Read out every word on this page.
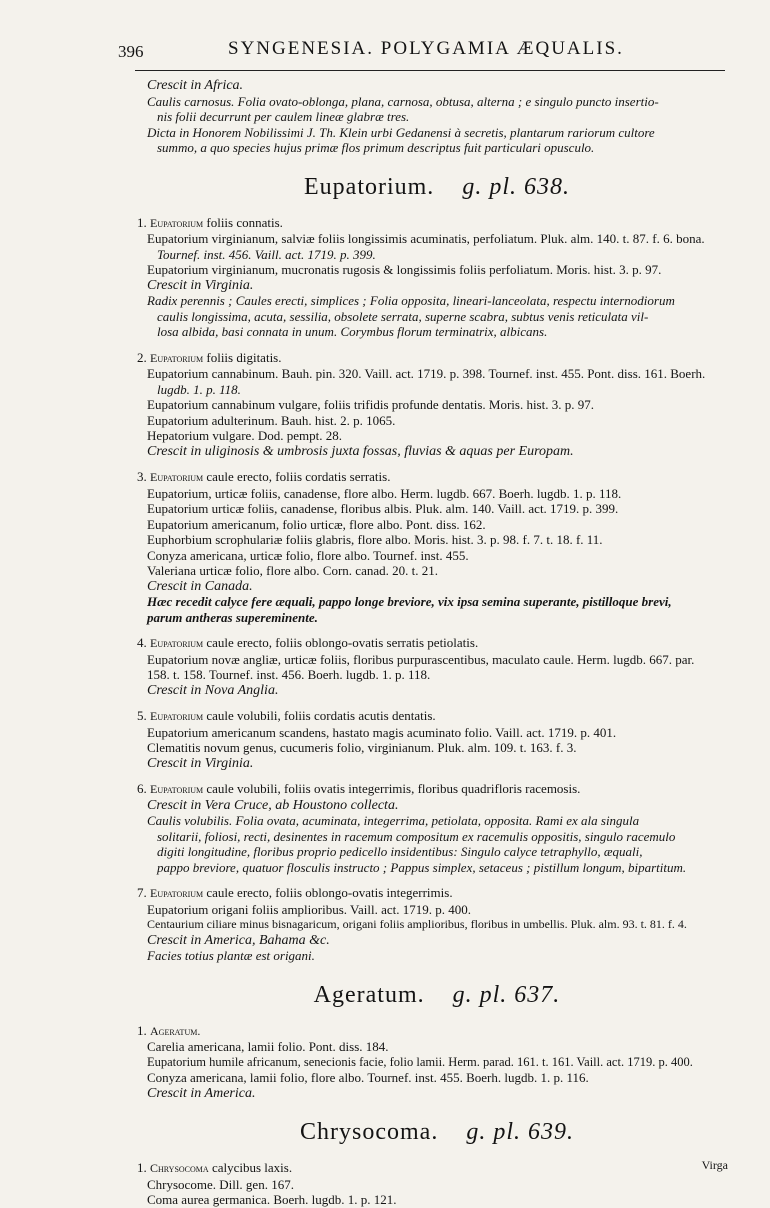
396	SYNGENESIA. POLYGAMIA ÆQUALIS.

Crescit in Africa.

Caulis carnosus. Folia ovato-oblonga, plana, carnosa, obtusa, alterna ; e singulo puncto insertio-

nis folii decurrunt per caulem lineæ glabræ tres.

Dicta in Honorem Nobilissimi J. Th. Klein urbi Gedanensi à secretis, plantarum rariorum cultore

summo, a quo species hujus primæ flos primum descriptus fuit particulari opusculo.

Eupatorium. g. pl. 638.

1. Eupatorium foliis connatis.

Eupatorium virginianum, salviæ foliis longissimis acuminatis, perfoliatum. Pluk. alm. 140. t. 87. f. 6. bona.

Tournef. inst. 456. Vaill. act. 1719. p. 399.

Eupatorium virginianum, mucronatis rugosis & longissimis foliis perfoliatum. Moris. hist. 3. p. 97.

Crescit in Virginia.

Radix perennis ; Caules erecti, simplices ; Folia opposita, lineari-lanceolata, respectu internodiorum

caulis longissima, acuta, sessilia, obsolete serrata, superne scabra, subtus venis reticulata vil-

losa albida, basi connata in unum. Corymbus florum terminatrix, albicans.

2. Eupatorium foliis digitatis.

Eupatorium cannabinum. Bauh. pin. 320. Vaill. act. 1719. p. 398. Tournef. inst. 455. Pont. diss. 161. Boerh.

lugdb. 1. p. 118.

Eupatorium cannabinum vulgare, foliis trifidis profunde dentatis. Moris. hist. 3. p. 97.

Eupatorium adulterinum. Bauh. hist. 2. p. 1065.

Hepatorium vulgare. Dod. pempt. 28.

Crescit in uliginosis & umbrosis juxta fossas, fluvias & aquas per Europam.

3. Eupatorium caule erecto, foliis cordatis serratis.

Eupatorium, urticæ foliis, canadense, flore albo. Herm. lugdb. 667. Boerh. lugdb. 1. p. 118.

Eupatorium urticæ foliis, canadense, floribus albis. Pluk. alm. 140. Vaill. act. 1719. p. 399.

Eupatorium americanum, folio urticæ, flore albo. Pont. diss. 162.

Euphorbium scrophulariæ foliis glabris, flore albo. Moris. hist. 3. p. 98. f. 7. t. 18. f. 11.

Conyza americana, urticæ folio, flore albo. Tournef. inst. 455.

Valeriana urticæ folio, flore albo. Corn. canad. 20. t. 21.

Crescit in Canada.

Hæc recedit calyce fere æquali, pappo longe breviore, vix ipsa semina superante, pistilloque brevi,

parum antheras supereminente.

4. Eupatorium caule erecto, foliis oblongo-ovatis serratis petiolatis.

Eupatorium novæ angliæ, urticæ foliis, floribus purpurascentibus, maculato caule. Herm. lugdb. 667. par.

158. t. 158. Tournef. inst. 456. Boerh. lugdb. 1. p. 118.

Crescit in Nova Anglia.

5. Eupatorium caule volubili, foliis cordatis acutis dentatis.

Eupatorium americanum scandens, hastato magis acuminato folio. Vaill. act. 1719. p. 401.

Clematitis novum genus, cucumeris folio, virginianum. Pluk. alm. 109. t. 163. f. 3.

Crescit in Virginia.

6. Eupatorium caule volubili, foliis ovatis integerrimis, floribus quadrifloris racemosis.

Crescit in Vera Cruce, ab Houstono collecta.

Caulis volubilis. Folia ovata, acuminata, integerrima, petiolata, opposita. Rami ex ala singula

solitarii, foliosi, recti, desinentes in racemum compositum ex racemulis oppositis, singulo racemulo

digiti longitudine, floribus proprio pedicello insidentibus: Singulo calyce tetraphyllo, æquali,

pappo breviore, quatuor flosculis instructo ; Pappus simplex, setaceus ; pistillum longum, bipartitum.

7. Eupatorium caule erecto, foliis oblongo-ovatis integerrimis.

Eupatorium origani foliis amplioribus. Vaill. act. 1719. p. 400.

Centaurium ciliare minus bisnagaricum, origani foliis amplioribus, floribus in umbellis. Pluk. alm. 93. t. 81. f. 4.

Crescit in America, Bahama &c.

Facies totius plantæ est origani.

Ageratum. g. pl. 637.

1. Ageratum.

Carelia americana, lamii folio. Pont. diss. 184.

Eupatorium humile africanum, senecionis facie, folio lamii. Herm. parad. 161. t. 161. Vaill. act. 1719. p. 400.

Conyza americana, lamii folio, flore albo. Tournef. inst. 455. Boerh. lugdb. 1. p. 116.

Crescit in America.

Chrysocoma. g. pl. 639.

1. Chrysocoma calycibus laxis.

Chrysocome. Dill. gen. 167.

Coma aurea germanica. Boerh. lugdb. 1. p. 121.

Virga
